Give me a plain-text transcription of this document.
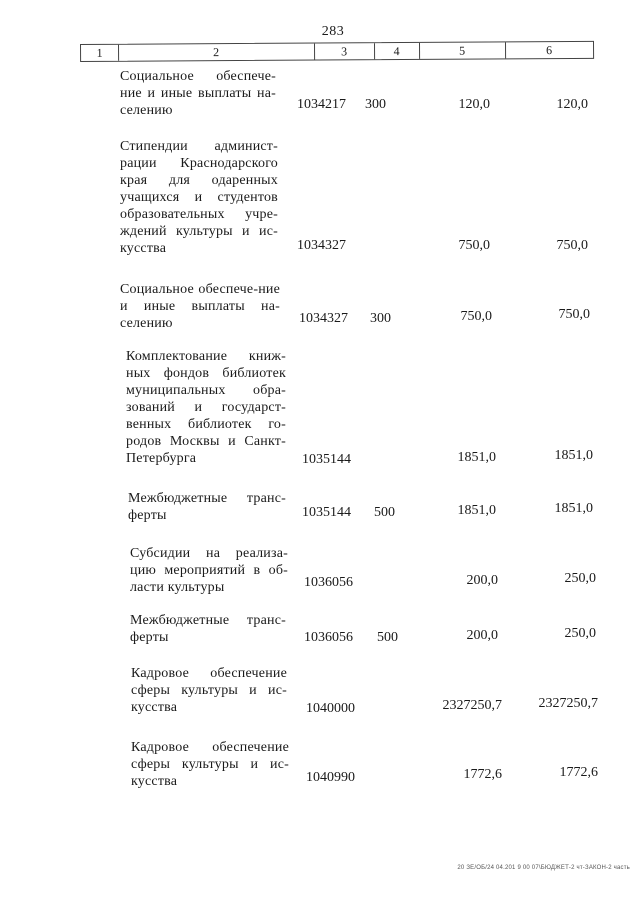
283
1	2	3	4	5	6
Социальное обеспече-ние и иные выплаты на-селению	1034217 300	120,0	120,0
Стипендии админист-рации Краснодарского края для одаренных учащихся и студентов образовательных учре-ждений культуры и ис-кусства	1034327	750,0	750,0
Социальное обеспече-ние и иные выплаты на-селению	1034327 300	750,0	750,0
Комплектование книж-ных фондов библиотек муниципальных обра-зований и государст-венных библиотек го-родов Москвы и Санкт-Петербурга	1035144	1851,0	1851,0
Межбюджетные транс-ферты	1035144 500	1851,0	1851,0
Субсидии на реализа-цию мероприятий в об-ласти культуры	1036056	200,0	250,0
Межбюджетные транс-ферты	1036056 500	200,0	250,0
Кадровое обеспечение сферы культуры и ис-кусства	1040000	2327250,7	2327250,7
Кадровое обеспечение сферы культуры и ис-кусства	1040990	1772,6	1772,6
20 ЗЕ/ОБ/24 04.201 9 00 07\БЮДЖЕТ-2 чт-ЗАКОН-2 часть
